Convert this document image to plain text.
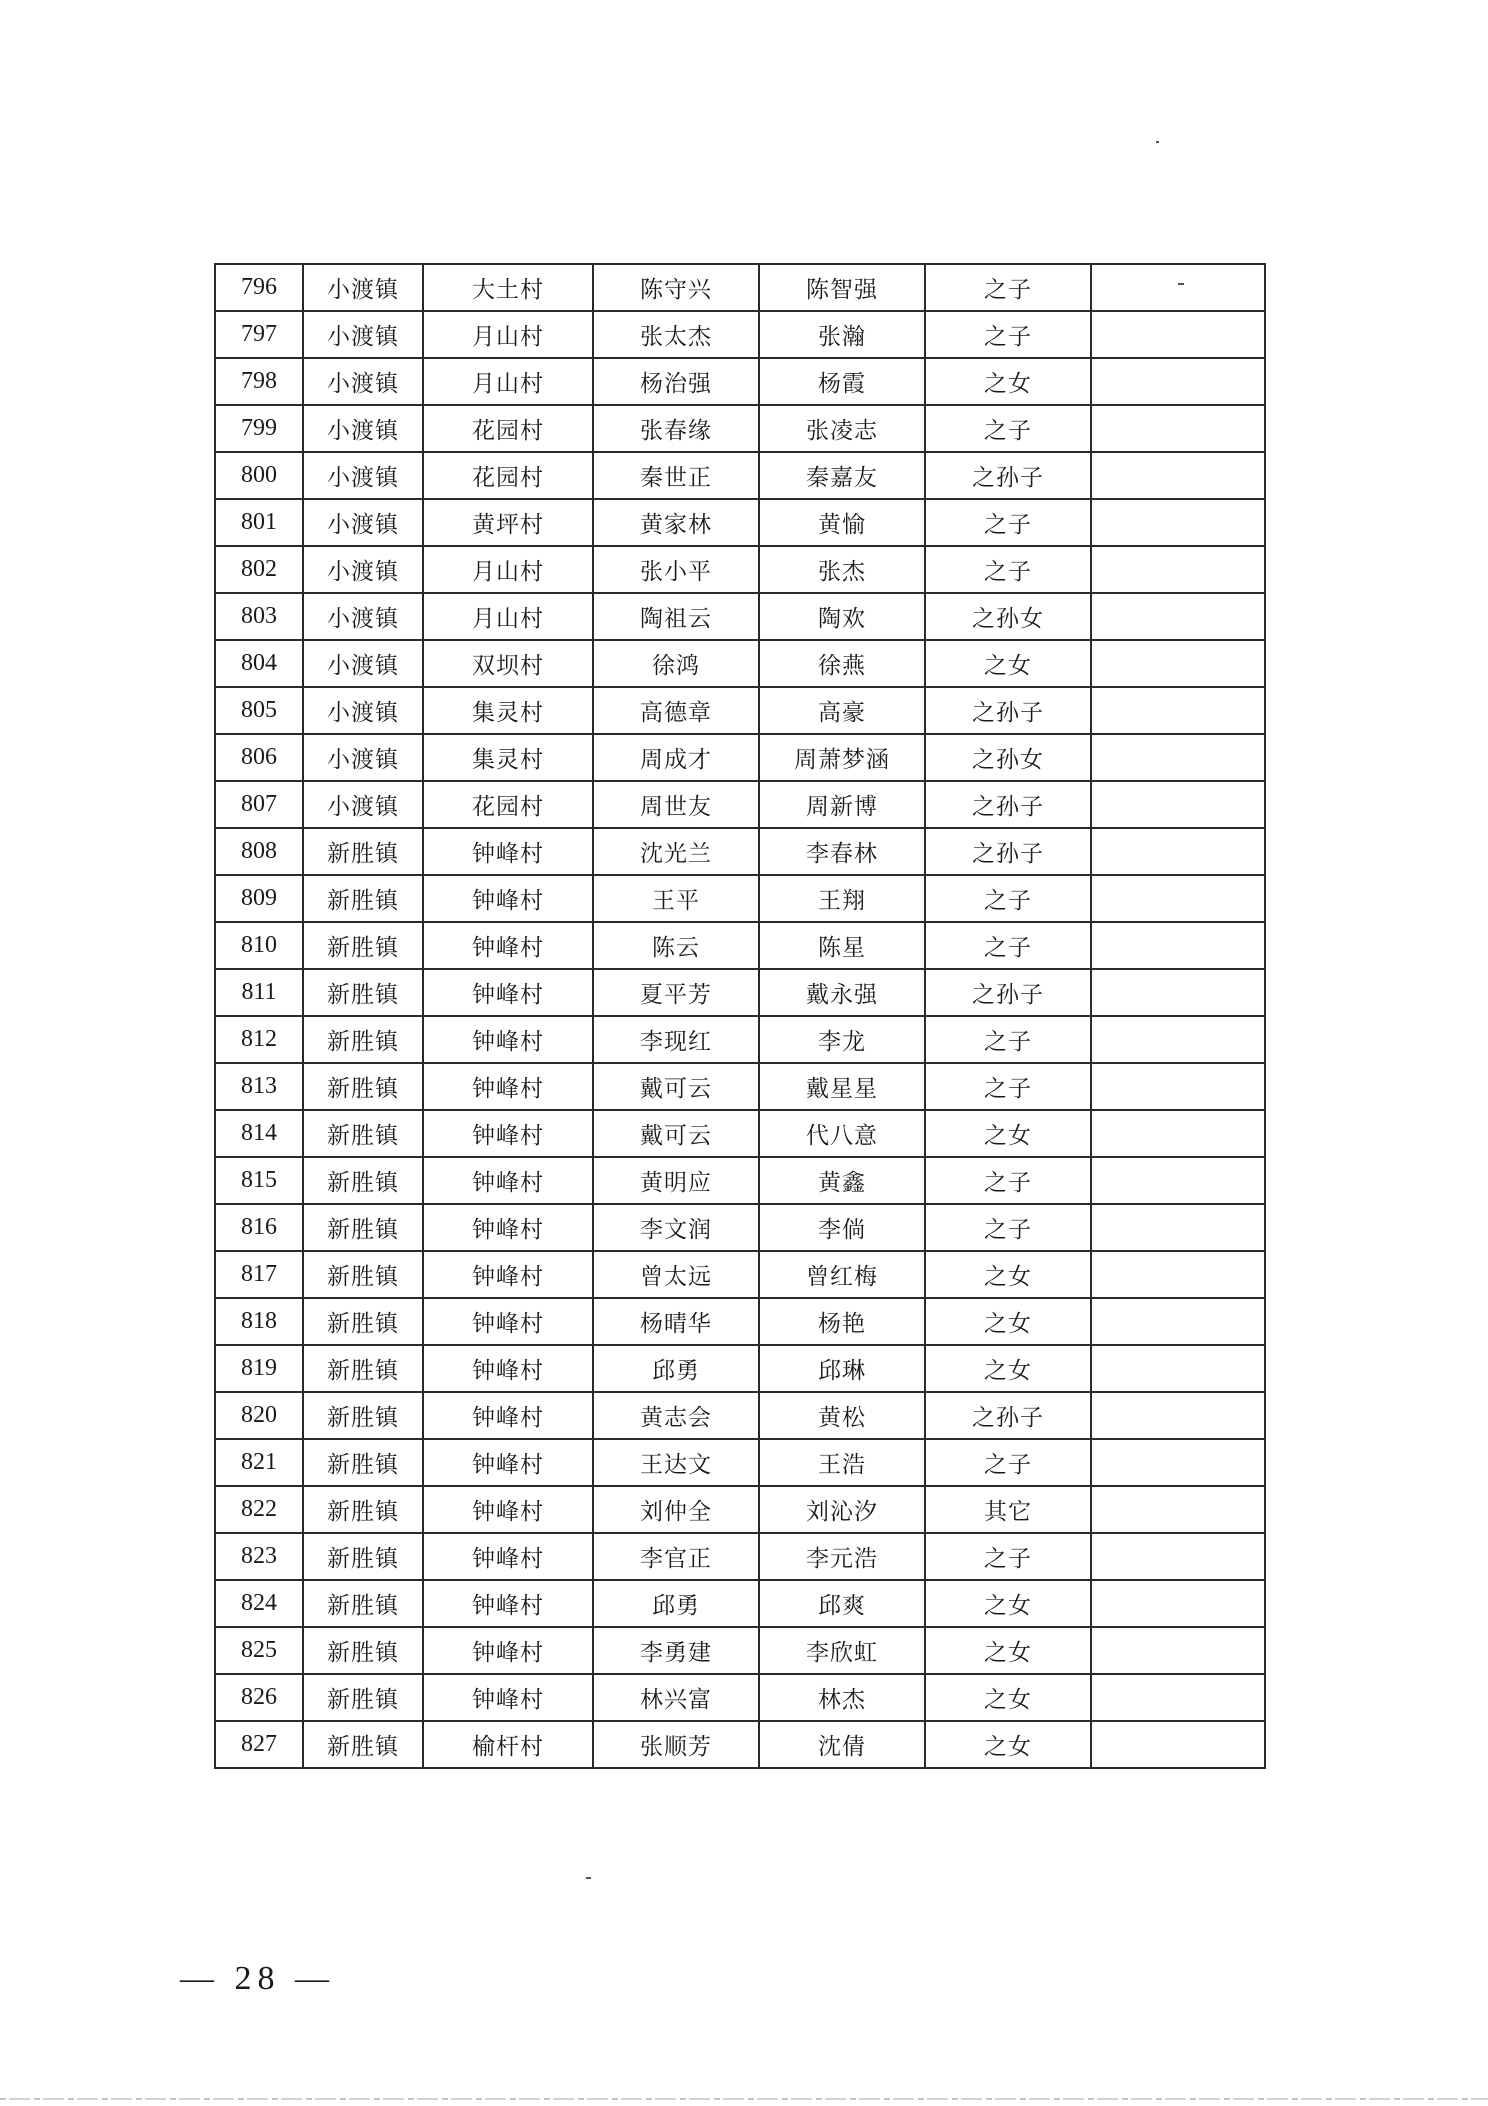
796	小渡镇	大土村	陈守兴	陈智强	之子	
797	小渡镇	月山村	张太杰	张瀚	之子	
798	小渡镇	月山村	杨治强	杨霞	之女	
799	小渡镇	花园村	张春缘	张凌志	之子	
800	小渡镇	花园村	秦世正	秦嘉友	之孙子	
801	小渡镇	黄坪村	黄家林	黄愉	之子	
802	小渡镇	月山村	张小平	张杰	之子	
803	小渡镇	月山村	陶祖云	陶欢	之孙女	
804	小渡镇	双坝村	徐鸿	徐燕	之女	
805	小渡镇	集灵村	高德章	高豪	之孙子	
806	小渡镇	集灵村	周成才	周萧梦涵	之孙女	
807	小渡镇	花园村	周世友	周新博	之孙子	
808	新胜镇	钟峰村	沈光兰	李春林	之孙子	
809	新胜镇	钟峰村	王平	王翔	之子	
810	新胜镇	钟峰村	陈云	陈星	之子	
811	新胜镇	钟峰村	夏平芳	戴永强	之孙子	
812	新胜镇	钟峰村	李现红	李龙	之子	
813	新胜镇	钟峰村	戴可云	戴星星	之子	
814	新胜镇	钟峰村	戴可云	代八意	之女	
815	新胜镇	钟峰村	黄明应	黄鑫	之子	
816	新胜镇	钟峰村	李文润	李倘	之子	
817	新胜镇	钟峰村	曾太远	曾红梅	之女	
818	新胜镇	钟峰村	杨晴华	杨艳	之女	
819	新胜镇	钟峰村	邱勇	邱琳	之女	
820	新胜镇	钟峰村	黄志会	黄松	之孙子	
821	新胜镇	钟峰村	王达文	王浩	之子	
822	新胜镇	钟峰村	刘仲全	刘沁汐	其它	
823	新胜镇	钟峰村	李官正	李元浩	之子	
824	新胜镇	钟峰村	邱勇	邱爽	之女	
825	新胜镇	钟峰村	李勇建	李欣虹	之女	
826	新胜镇	钟峰村	林兴富	林杰	之女	
827	新胜镇	榆杆村	张顺芳	沈倩	之女	
— 28 —
